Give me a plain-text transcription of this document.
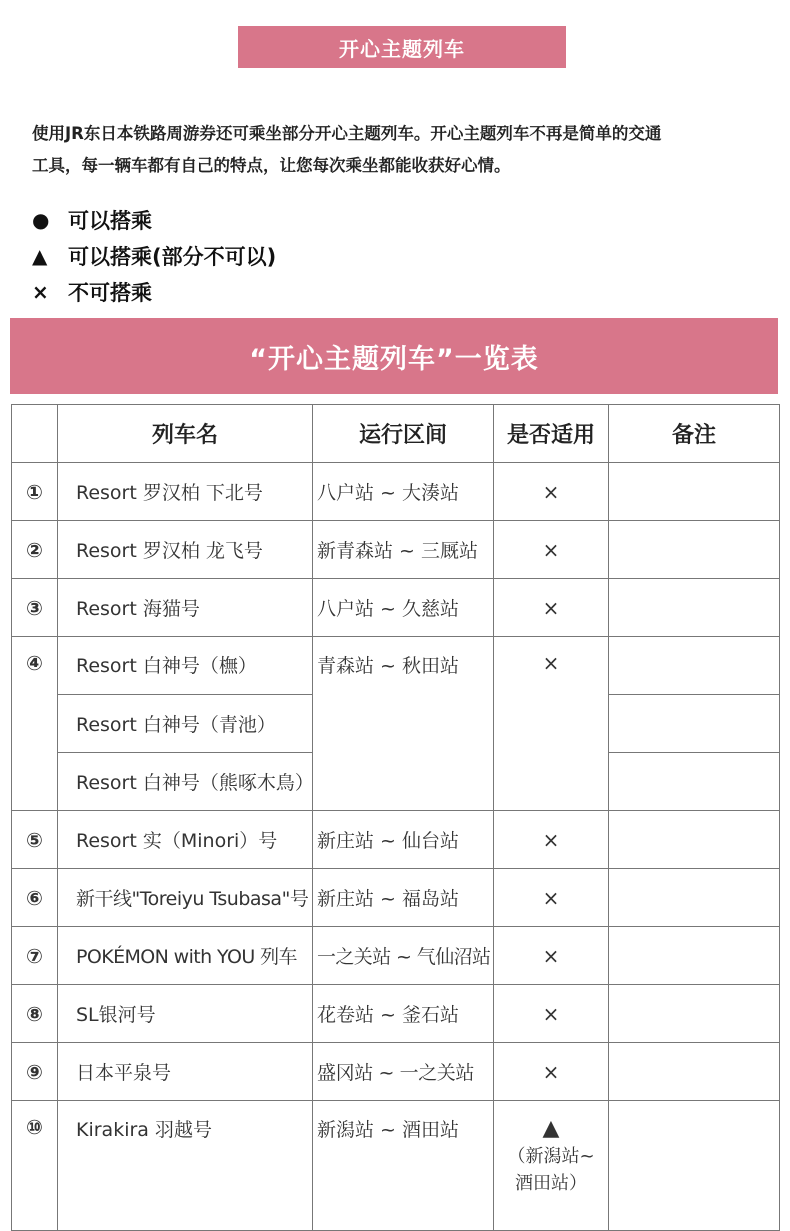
开心主题列车
使用JR东日本铁路周游券还可乘坐部分开心主题列车。开心主题列车不再是简单的交通
工具，每一辆车都有自己的特点，让您每次乘坐都能收获好心情。
● 可以搭乘
▲ 可以搭乘(部分不可以)
× 不可搭乘
“开心主题列车”一览表
	列车名	运行区间	是否适用	备注
①	Resort 罗汉柏 下北号	八户站 ~ 大湊站	×	
②	Resort 罗汉柏 龙飞号	新青森站 ~ 三厩站	×	
③	Resort 海猫号	八户站 ~ 久慈站	×	
④	Resort 白神号（橅）	青森站 ~ 秋田站	×	
	Resort 白神号（青池）			
	Resort 白神号（熊啄木鳥）			
⑤	Resort 实（Minori）号	新庄站 ~ 仙台站	×	
⑥	新干线"Toreiyu Tsubasa"号	新庄站 ~ 福岛站	×	
⑦	POKÉMON with YOU 列车	一之关站 ~ 气仙沼站	×	
⑧	SL银河号	花卷站 ~ 釜石站	×	
⑨	日本平泉号	盛冈站 ~ 一之关站	×	
⑩	Kirakira 羽越号	新潟站 ~ 酒田站	▲
（新潟站~
酒田站）	
